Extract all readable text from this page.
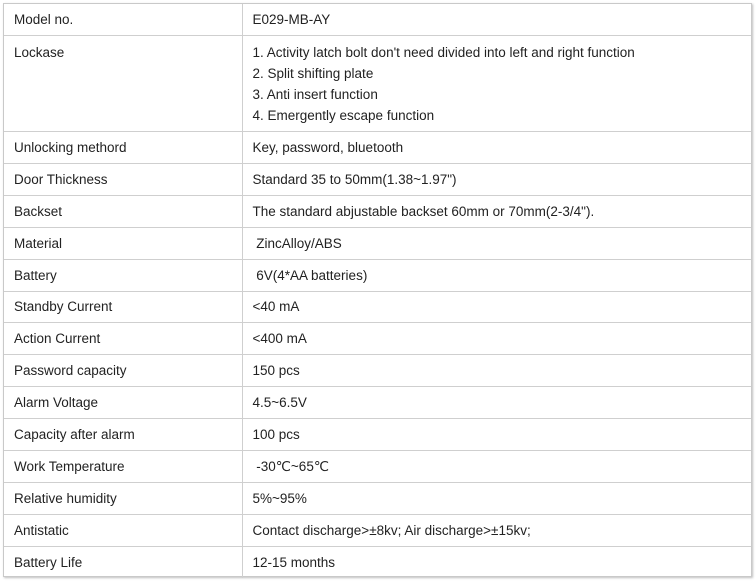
Model no.	E029-MB-AY
Lockase	1. Activity latch bolt don't need divided into left and right function
2. Split shifting plate
3. Anti insert function
4. Emergently escape function

Unlocking methord	Key, password, bluetooth
Door Thickness	Standard 35 to 50mm(1.38~1.97")
Backset	The standard abjustable backset 60mm or 70mm(2-3/4").
Material	ZincAlloy/ABS
Battery	6V(4*AA batteries)
Standby Current	<40 mA
Action Current	<400 mA
Password capacity	150 pcs
Alarm Voltage	4.5~6.5V
Capacity after alarm	100 pcs
Work Temperature	-30℃~65℃
Relative humidity	5%~95%
Antistatic	Contact discharge>±8kv; Air discharge>±15kv;
Battery Life	12-15 months
